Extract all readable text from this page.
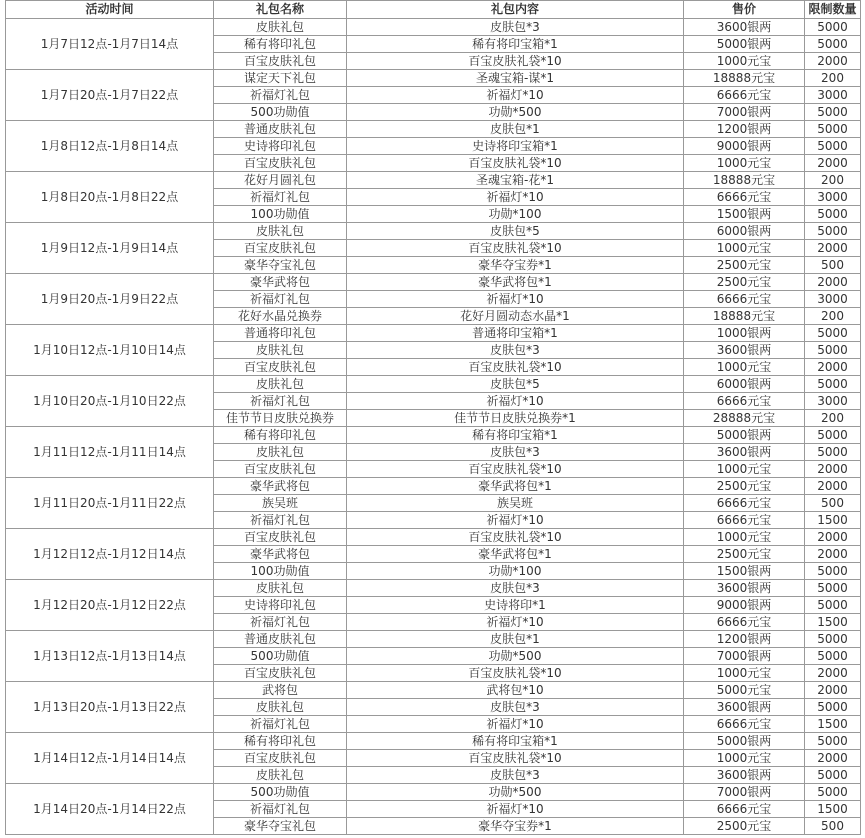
活动时间	礼包名称	礼包内容	售价	限制数量
1月7日12点-1月7日14点	皮肤礼包	皮肤包*3	3600银两	5000
	稀有将印礼包	稀有将印宝箱*1	5000银两	5000
	百宝皮肤礼包	百宝皮肤礼袋*10	1000元宝	2000
1月7日20点-1月7日22点	谋定天下礼包	圣魂宝箱-谋*1	18888元宝	200
	祈福灯礼包	祈福灯*10	6666元宝	3000
	500功勋值	功勋*500	7000银两	5000
1月8日12点-1月8日14点	普通皮肤礼包	皮肤包*1	1200银两	5000
	史诗将印礼包	史诗将印宝箱*1	9000银两	5000
	百宝皮肤礼包	百宝皮肤礼袋*10	1000元宝	2000
1月8日20点-1月8日22点	花好月圆礼包	圣魂宝箱-花*1	18888元宝	200
	祈福灯礼包	祈福灯*10	6666元宝	3000
	100功勋值	功勋*100	1500银两	5000
1月9日12点-1月9日14点	皮肤礼包	皮肤包*5	6000银两	5000
	百宝皮肤礼包	百宝皮肤礼袋*10	1000元宝	2000
	豪华夺宝礼包	豪华夺宝券*1	2500元宝	500
1月9日20点-1月9日22点	豪华武将包	豪华武将包*1	2500元宝	2000
	祈福灯礼包	祈福灯*10	6666元宝	3000
	花好水晶兑换券	花好月圆动态水晶*1	18888元宝	200
1月10日12点-1月10日14点	普通将印礼包	普通将印宝箱*1	1000银两	5000
	皮肤礼包	皮肤包*3	3600银两	5000
	百宝皮肤礼包	百宝皮肤礼袋*10	1000元宝	2000
1月10日20点-1月10日22点	皮肤礼包	皮肤包*5	6000银两	5000
	祈福灯礼包	祈福灯*10	6666元宝	3000
	佳节节日皮肤兑换券	佳节节日皮肤兑换券*1	28888元宝	200
1月11日12点-1月11日14点	稀有将印礼包	稀有将印宝箱*1	5000银两	5000
	皮肤礼包	皮肤包*3	3600银两	5000
	百宝皮肤礼包	百宝皮肤礼袋*10	1000元宝	2000
1月11日20点-1月11日22点	豪华武将包	豪华武将包*1	2500元宝	2000
	族吴班	族吴班	6666元宝	500
	祈福灯礼包	祈福灯*10	6666元宝	1500
1月12日12点-1月12日14点	百宝皮肤礼包	百宝皮肤礼袋*10	1000元宝	2000
	豪华武将包	豪华武将包*1	2500元宝	2000
	100功勋值	功勋*100	1500银两	5000
1月12日20点-1月12日22点	皮肤礼包	皮肤包*3	3600银两	5000
	史诗将印礼包	史诗将印*1	9000银两	5000
	祈福灯礼包	祈福灯*10	6666元宝	1500
1月13日12点-1月13日14点	普通皮肤礼包	皮肤包*1	1200银两	5000
	500功勋值	功勋*500	7000银两	5000
	百宝皮肤礼包	百宝皮肤礼袋*10	1000元宝	2000
1月13日20点-1月13日22点	武将包	武将包*10	5000元宝	2000
	皮肤礼包	皮肤包*3	3600银两	5000
	祈福灯礼包	祈福灯*10	6666元宝	1500
1月14日12点-1月14日14点	稀有将印礼包	稀有将印宝箱*1	5000银两	5000
	百宝皮肤礼包	百宝皮肤礼袋*10	1000元宝	2000
	皮肤礼包	皮肤包*3	3600银两	5000
1月14日20点-1月14日22点	500功勋值	功勋*500	7000银两	5000
	祈福灯礼包	祈福灯*10	6666元宝	1500
	豪华夺宝礼包	豪华夺宝券*1	2500元宝	500
